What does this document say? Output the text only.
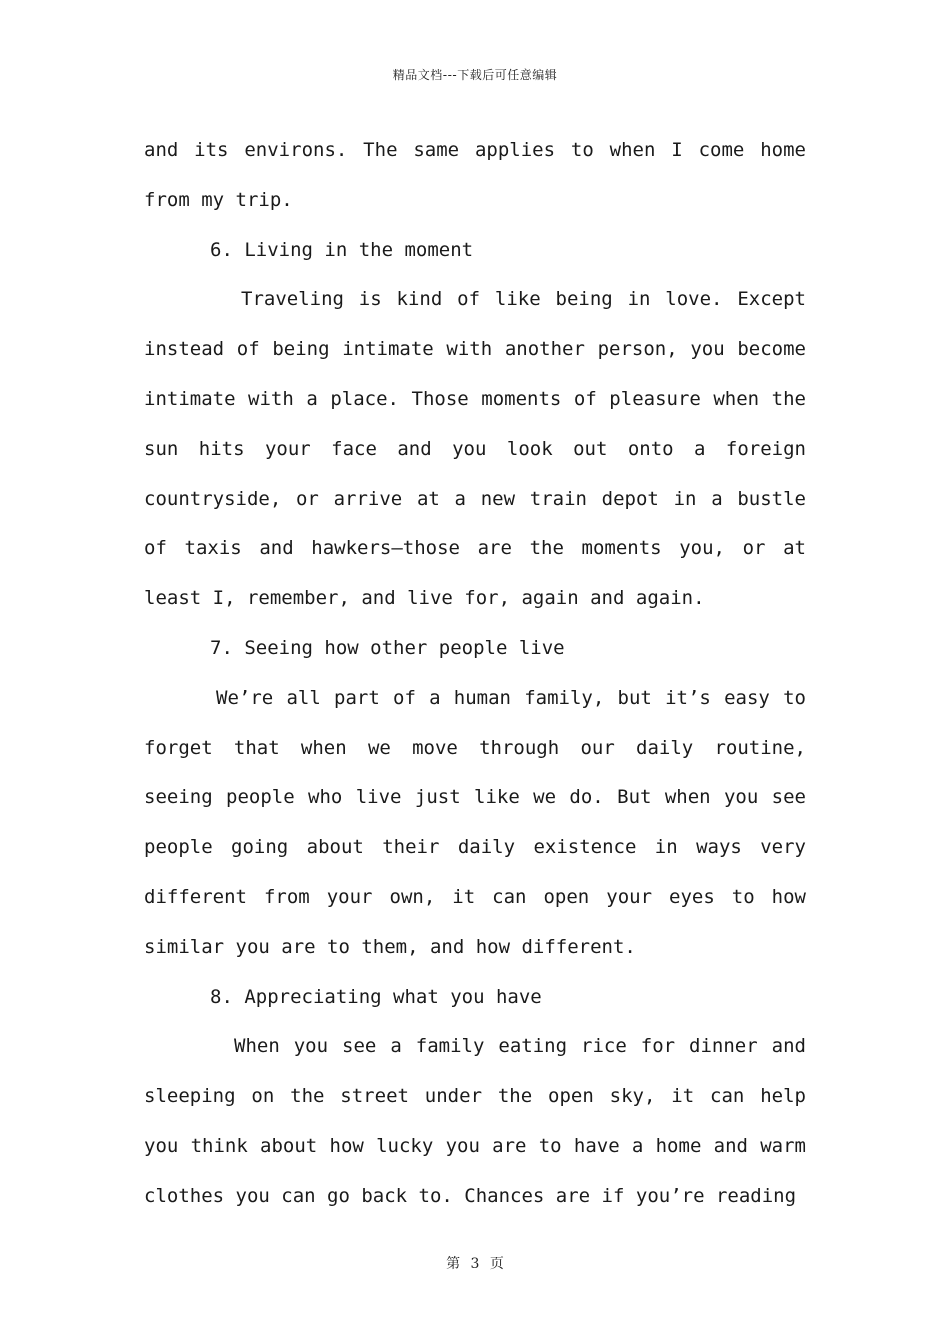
精品文档---下载后可任意编辑

and its environs. The same applies to when I come home from my trip.

6. Living in the moment

Traveling is kind of like being in love. Except instead of being intimate with another person, you become intimate with a place. Those moments of pleasure when the sun hits your face and you look out onto a foreign countryside, or arrive at a new train depot in a bustle of taxis and hawkers—those are the moments you, or at least I, remember, and live for, again and again.

7. Seeing how other people live

We’re all part of a human family, but it’s easy to forget that when we move through our daily routine, seeing people who live just like we do. But when you see people going about their daily existence in ways very different from your own, it can open your eyes to how similar you are to them, and how different.

8. Appreciating what you have

When you see a family eating rice for dinner and sleeping on the street under the open sky, it can help you think about how lucky you are to have a home and warm clothes you can go back to. Chances are if you’re reading

第 3 页
